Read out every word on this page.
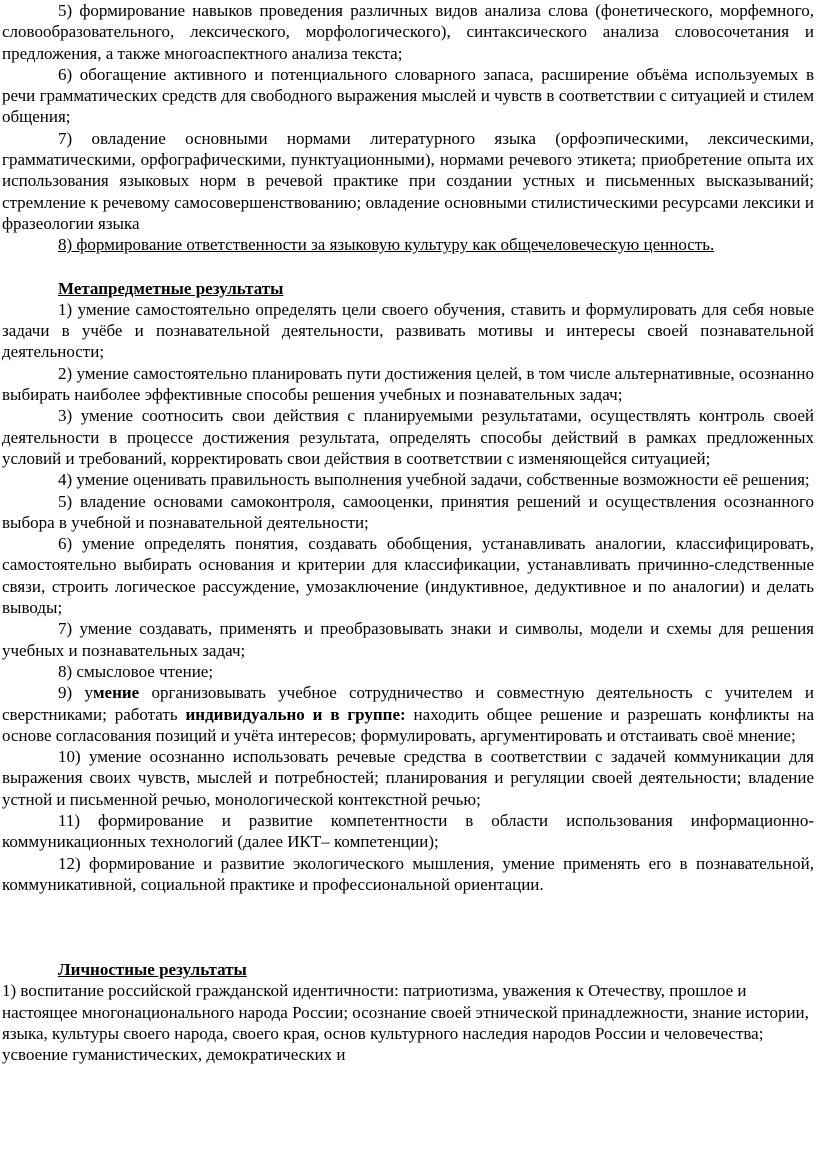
5) формирование навыков проведения различных видов анализа слова (фонетического, морфемного, словообразовательного, лексического, морфологического), синтаксического анализа словосочетания и предложения, а также многоаспектного анализа текста;

6) обогащение активного и потенциального словарного запаса, расширение объёма используемых в речи грамматических средств для свободного выражения мыслей и чувств в соответствии с ситуацией и стилем общения;

7) овладение основными нормами литературного языка (орфоэпическими, лексическими, грамматическими, орфографическими, пунктуационными), нормами речевого этикета; приобретение опыта их использования языковых норм в речевой практике при создании устных и письменных высказываний; стремление к речевому самосовершенствованию; овладение основными стилистическими ресурсами лексики и фразеологии языка

8) формирование ответственности за языковую культуру как общечеловеческую ценность.

Метапредметные результаты

1) умение самостоятельно определять цели своего обучения, ставить и формулировать для себя новые задачи в учёбе и познавательной деятельности, развивать мотивы и интересы своей познавательной деятельности;

2) умение самостоятельно планировать пути достижения целей, в том числе альтернативные, осознанно выбирать наиболее эффективные способы решения учебных и познавательных задач;

3) умение соотносить свои действия с планируемыми результатами, осуществлять контроль своей деятельности в процессе достижения результата, определять способы действий в рамках предложенных условий и требований, корректировать свои действия в соответствии с изменяющейся ситуацией;

4) умение оценивать правильность выполнения учебной задачи, собственные возможности её решения;

5) владение основами самоконтроля, самооценки, принятия решений и осуществления осознанного выбора в учебной и познавательной деятельности;

6) умение определять понятия, создавать обобщения, устанавливать аналогии, классифицировать, самостоятельно выбирать основания и критерии для классификации, устанавливать причинно-следственные связи, строить логическое рассуждение, умозаключение (индуктивное, дедуктивное и по аналогии) и делать выводы;

7) умение создавать, применять и преобразовывать знаки и символы, модели и схемы для решения учебных и познавательных задач;

8) смысловое чтение;

9) умение организовывать учебное сотрудничество и совместную деятельность с учителем и сверстниками; работать индивидуально и в группе: находить общее решение и разрешать конфликты на основе согласования позиций и учёта интересов; формулировать, аргументировать и отстаивать своё мнение;

10) умение осознанно использовать речевые средства в соответствии с задачей коммуникации для выражения своих чувств, мыслей и потребностей; планирования и регуляции своей деятельности; владение устной и письменной речью, монологической контекстной речью;

11) формирование и развитие компетентности в области использования информационно-коммуникационных технологий (далее ИКТ– компетенции);

12) формирование и развитие экологического мышления, умение применять его в познавательной, коммуникативной, социальной практике и профессиональной ориентации.

Личностные результаты

1) воспитание российской гражданской идентичности: патриотизма, уважения к Отечеству, прошлое и настоящее многонационального народа России; осознание своей этнической принадлежности, знание истории, языка, культуры своего народа, своего края, основ культурного наследия народов России и человечества; усвоение гуманистических, демократических и
